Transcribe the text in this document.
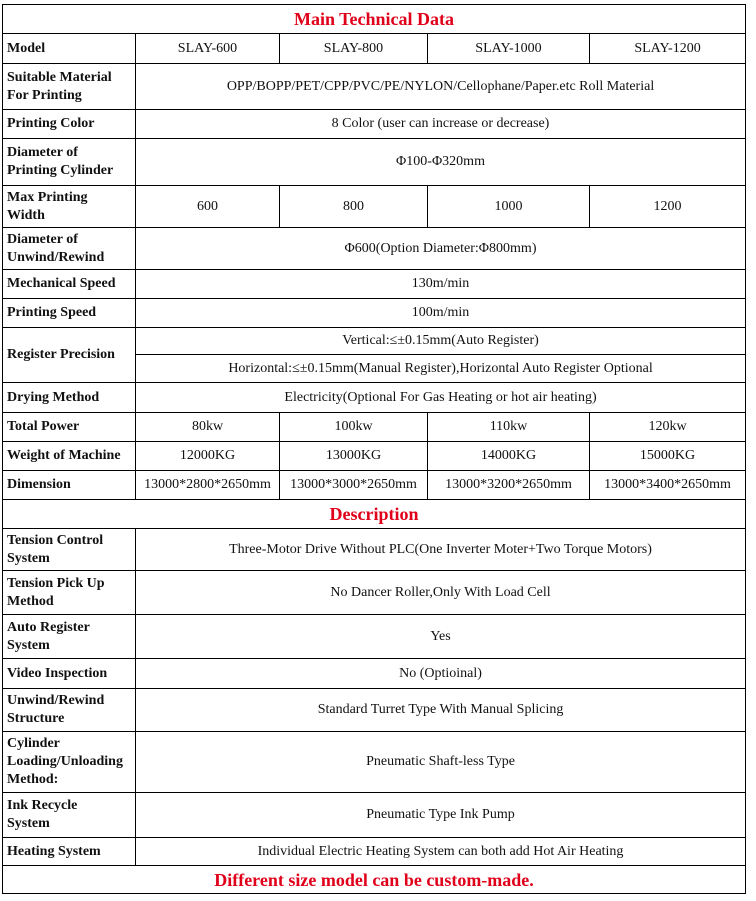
Main Technical Data				
Model	SLAY-600	SLAY-800	SLAY-1000	SLAY-1200
Suitable Material
For Printing	OPP/BOPP/PET/CPP/PVC/PE/NYLON/Cellophane/Paper.etc Roll Material			
Printing Color	8 Color (user can increase or decrease)			
Diameter of
Printing Cylinder	Φ100-Φ320mm			
Max Printing
Width	600	800	1000	1200
Diameter of
Unwind/Rewind	Φ600(Option Diameter:Φ800mm)			
Mechanical Speed	130m/min			
Printing Speed	100m/min			
Register Precision	Vertical:≤±0.15mm(Auto Register)			
	Horizontal:≤±0.15mm(Manual Register),Horizontal Auto Register Optional			
Drying Method	Electricity(Optional For Gas Heating or hot air heating)			
Total Power	80kw	100kw	110kw	120kw
Weight of Machine	12000KG	13000KG	14000KG	15000KG
Dimension	13000*2800*2650mm	13000*3000*2650mm	13000*3200*2650mm	13000*3400*2650mm
Description				
Tension Control
System	Three-Motor Drive Without PLC(One Inverter Moter+Two Torque Motors)			
Tension Pick Up
Method	No Dancer Roller,Only With Load Cell			
Auto Register
System	Yes			
Video Inspection	No (Optioinal)			
Unwind/Rewind
Structure	Standard Turret Type With Manual Splicing			
Cylinder
Loading/Unloading
Method:	Pneumatic Shaft-less Type			
Ink Recycle
System	Pneumatic Type Ink Pump			
Heating System	Individual Electric Heating System can both add Hot Air Heating			
Different size model can be custom-made.				
